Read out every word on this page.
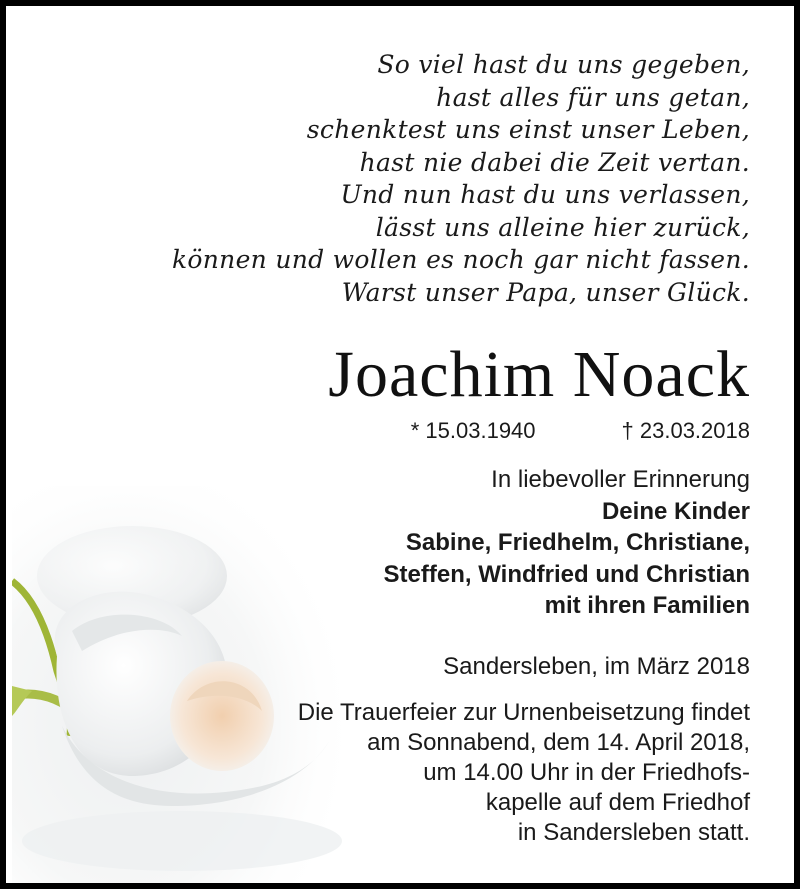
So viel hast du uns gegeben,
hast alles für uns getan,
schenktest uns einst unser Leben,
hast nie dabei die Zeit vertan.
Und nun hast du uns verlassen,
lässt uns alleine hier zurück,
können und wollen es noch gar nicht fassen.
Warst unser Papa, unser Glück.
Joachim Noack
* 15.03.1940	† 23.03.2018
In liebevoller Erinnerung
Deine Kinder
Sabine, Friedhelm, Christiane,
Steffen, Windfried und Christian
mit ihren Familien
Sandersleben, im März 2018
Die Trauerfeier zur Urnenbeisetzung findet
am Sonnabend, dem 14. April 2018,
um 14.00 Uhr in der Friedhofs-
kapelle auf dem Friedhof
in Sandersleben statt.
